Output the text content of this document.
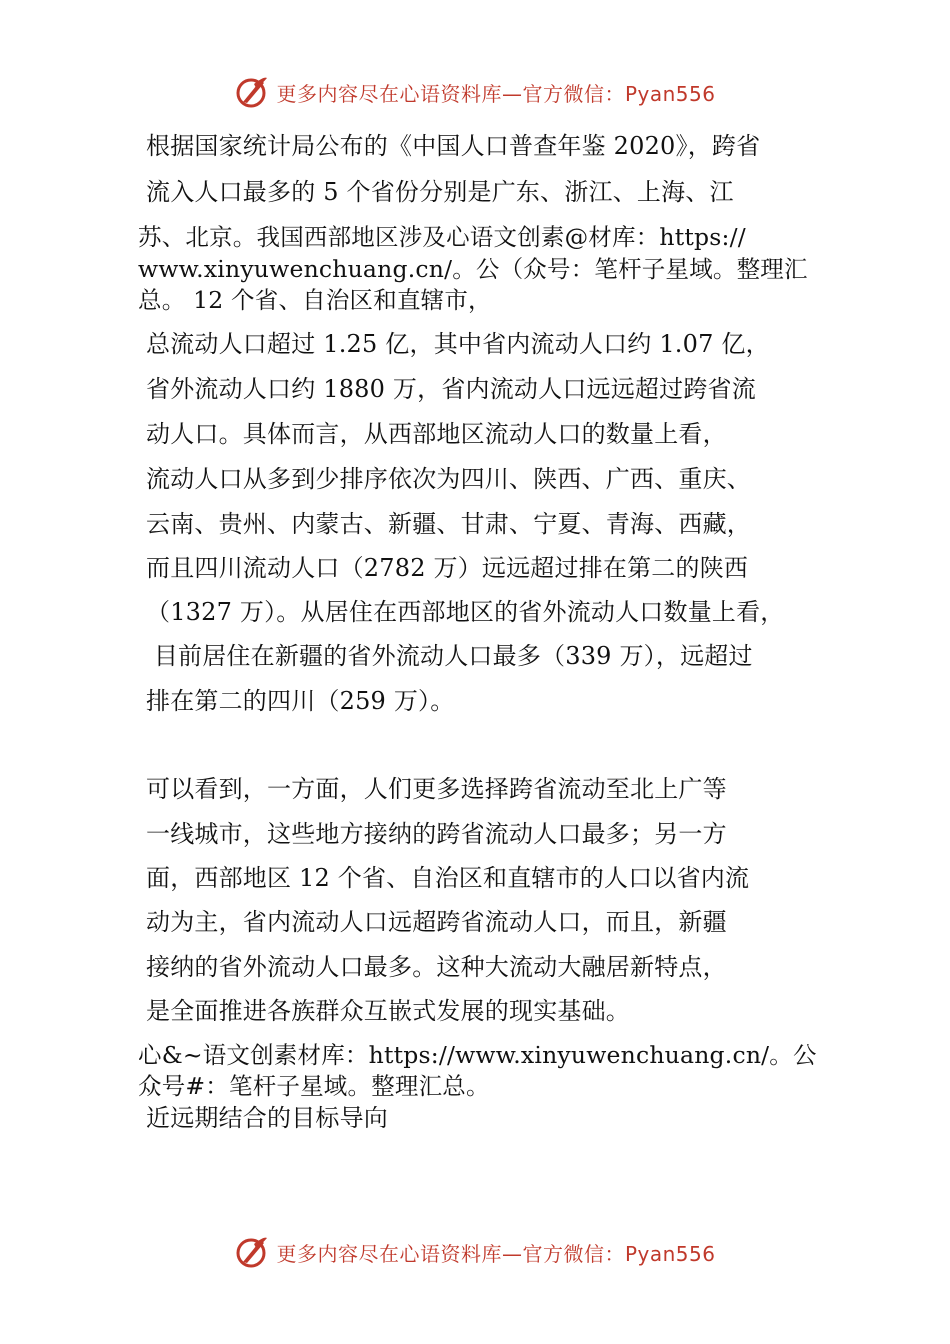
更多内容尽在心语资料库—官方微信：Pyan556
根据国家统计局公布的《中国人口普查年鉴 2020》，跨省
流入人口最多的 5 个省份分别是广东、浙江、上海、江
苏、北京。我国西部地区涉及心语文创素@材库：https://
www.xinyuwenchuang.cn/。公（众号：笔杆子星域。整理汇
总。 12 个省、自治区和直辖市，
总流动人口超过 1.25 亿，其中省内流动人口约 1.07 亿，
省外流动人口约 1880 万，省内流动人口远远超过跨省流
动人口。具体而言，从西部地区流动人口的数量上看，
流动人口从多到少排序依次为四川、陕西、广西、重庆、
云南、贵州、内蒙古、新疆、甘肃、宁夏、青海、西藏，
而且四川流动人口（2782 万）远远超过排在第二的陕西
（1327 万）。从居住在西部地区的省外流动人口数量上看，
目前居住在新疆的省外流动人口最多（339 万），远超过
排在第二的四川（259 万）。
可以看到，一方面，人们更多选择跨省流动至北上广等
一线城市，这些地方接纳的跨省流动人口最多；另一方
面，西部地区 12 个省、自治区和直辖市的人口以省内流
动为主，省内流动人口远超跨省流动人口，而且，新疆
接纳的省外流动人口最多。这种大流动大融居新特点，
是全面推进各族群众互嵌式发展的现实基础。
心&~语文创素材库：https://www.xinyuwenchuang.cn/。公
众号#：笔杆子星域。整理汇总。
近远期结合的目标导向
更多内容尽在心语资料库—官方微信：Pyan556
